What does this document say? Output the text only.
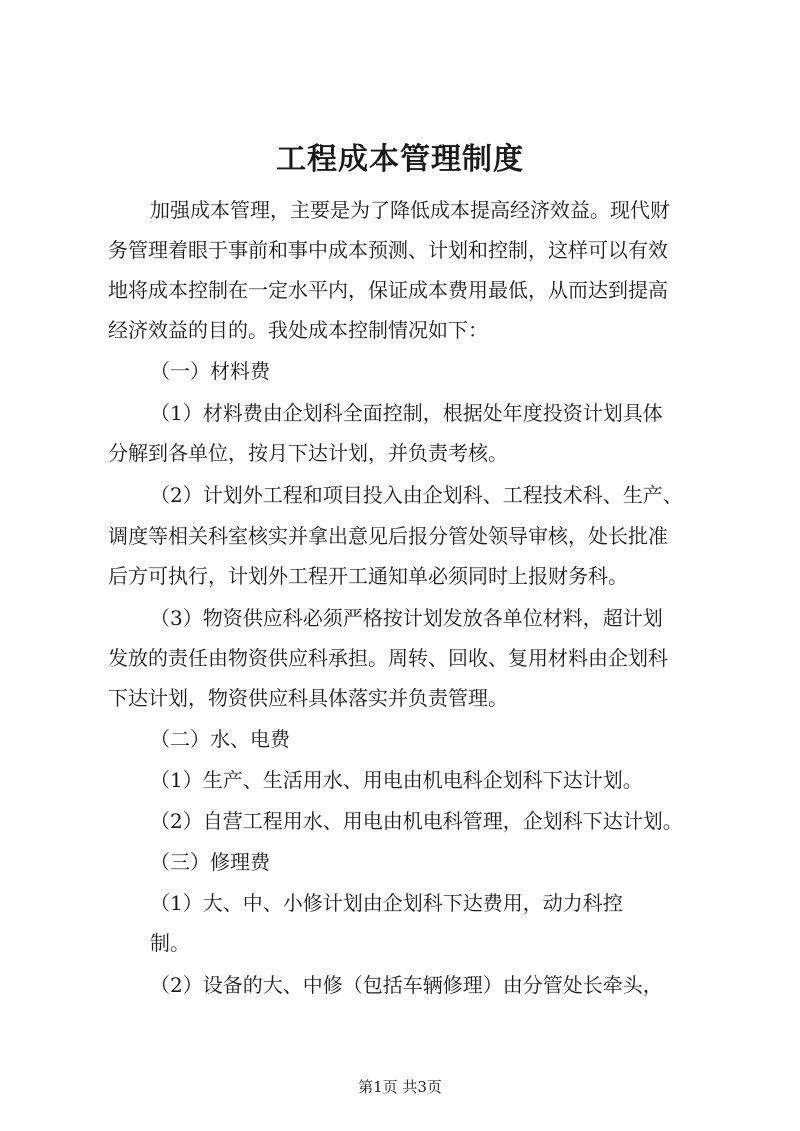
工程成本管理制度
加强成本管理，主要是为了降低成本提高经济效益。现代财
务管理着眼于事前和事中成本预测、计划和控制，这样可以有效
地将成本控制在一定水平内，保证成本费用最低，从而达到提高
经济效益的目的。我处成本控制情况如下：
（一）材料费
（1）材料费由企划科全面控制，根据处年度投资计划具体
分解到各单位，按月下达计划，并负责考核。
（2）计划外工程和项目投入由企划科、工程技术科、生产、
调度等相关科室核实并拿出意见后报分管处领导审核，处长批准
后方可执行，计划外工程开工通知单必须同时上报财务科。
（3）物资供应科必须严格按计划发放各单位材料，超计划
发放的责任由物资供应科承担。周转、回收、复用材料由企划科
下达计划，物资供应科具体落实并负责管理。
（二）水、电费
（1）生产、生活用水、用电由机电科企划科下达计划。
（2）自营工程用水、用电由机电科管理，企划科下达计划。
（三）修理费
（1）大、中、小修计划由企划科下达费用，动力科控
制。
（2）设备的大、中修（包括车辆修理）由分管处长牵头，
第1页 共3页
